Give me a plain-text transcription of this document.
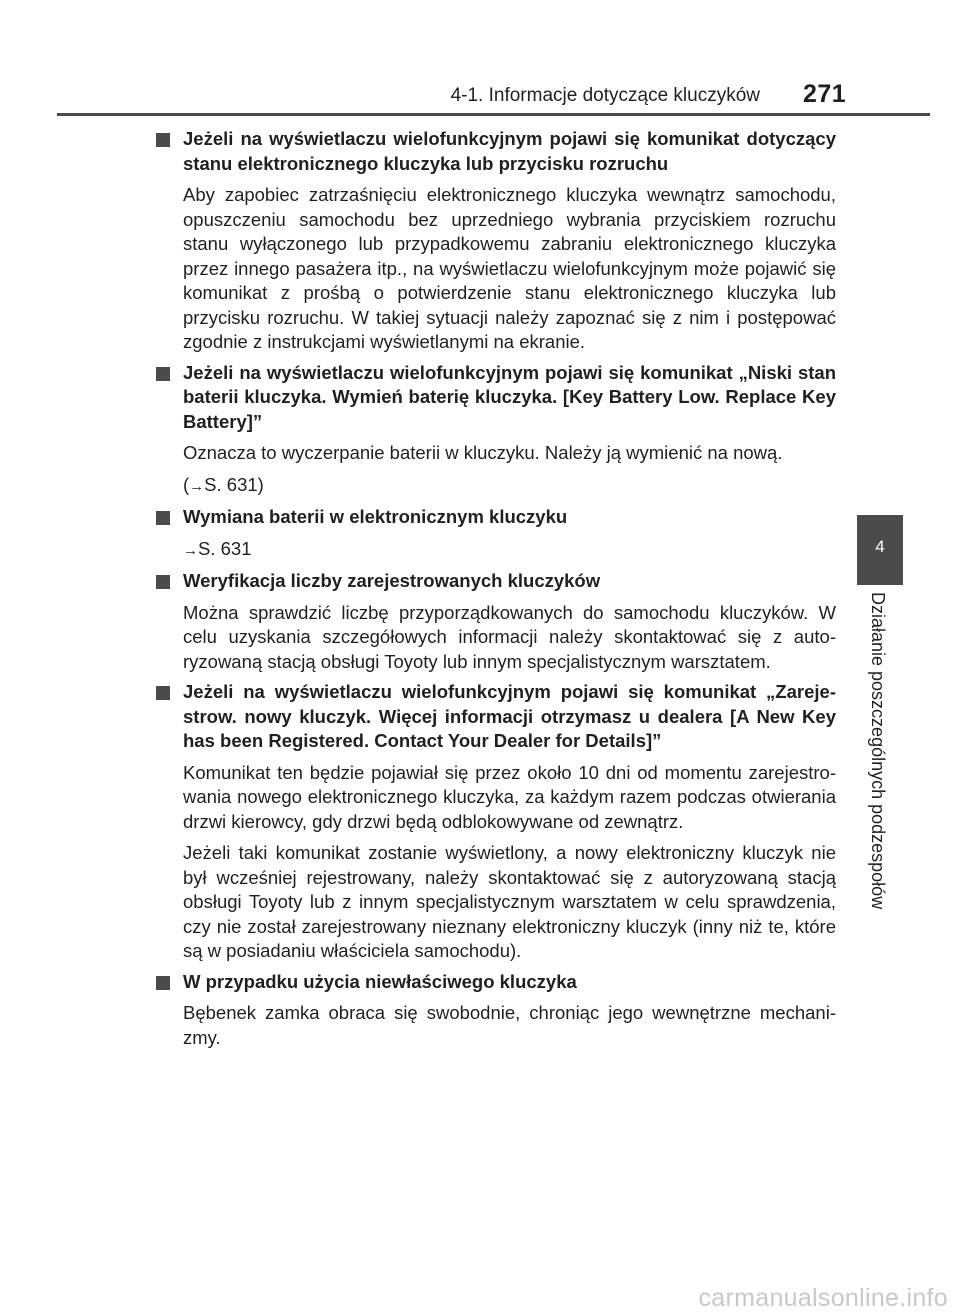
4-1. Informacje dotyczące kluczyków 271
4
Działanie poszczególnych podzespołów
Jeżeli na wyświetlaczu wielofunkcyjnym pojawi się komunikat dotyczący stanu elektronicznego kluczyka lub przycisku rozruchu
Aby zapobiec zatrzaśnięciu elektronicznego kluczyka wewnątrz samochodu, opuszczeniu samochodu bez uprzedniego wybrania przyciskiem rozruchu stanu wyłączonego lub przypadkowemu zabraniu elektronicznego kluczyka przez innego pasażera itp., na wyświetlaczu wielofunkcyjnym może pojawić się komunikat z prośbą o potwierdzenie stanu elektronicznego kluczyka lub przycisku rozruchu. W takiej sytuacji należy zapoznać się z nim i postępować zgodnie z instrukcjami wyświetlanymi na ekranie.
Jeżeli na wyświetlaczu wielofunkcyjnym pojawi się komunikat „Niski stan baterii kluczyka. Wymień baterię kluczyka. [Key Battery Low. Replace Key Battery]”
Oznacza to wyczerpanie baterii w kluczyku. Należy ją wymienić na nową.
(→S. 631)
Wymiana baterii w elektronicznym kluczyku
→S. 631
Weryfikacja liczby zarejestrowanych kluczyków
Można sprawdzić liczbę przyporządkowanych do samochodu kluczyków. W celu uzyskania szczegółowych informacji należy skontaktować się z autoryzowaną stacją obsługi Toyoty lub innym specjalistycznym warsztatem.
Jeżeli na wyświetlaczu wielofunkcyjnym pojawi się komunikat „Zarejestrow. nowy kluczyk. Więcej informacji otrzymasz u dealera [A New Key has been Registered. Contact Your Dealer for Details]”
Komunikat ten będzie pojawiał się przez około 10 dni od momentu zarejestrowania nowego elektronicznego kluczyka, za każdym razem podczas otwierania drzwi kierowcy, gdy drzwi będą odblokowywane od zewnątrz.
Jeżeli taki komunikat zostanie wyświetlony, a nowy elektroniczny kluczyk nie był wcześniej rejestrowany, należy skontaktować się z autoryzowaną stacją obsługi Toyoty lub z innym specjalistycznym warsztatem w celu sprawdzenia, czy nie został zarejestrowany nieznany elektroniczny kluczyk (inny niż te, które są w posiadaniu właściciela samochodu).
W przypadku użycia niewłaściwego kluczyka
Bębenek zamka obraca się swobodnie, chroniąc jego wewnętrzne mechanizmy.
carmanualsonline.info
